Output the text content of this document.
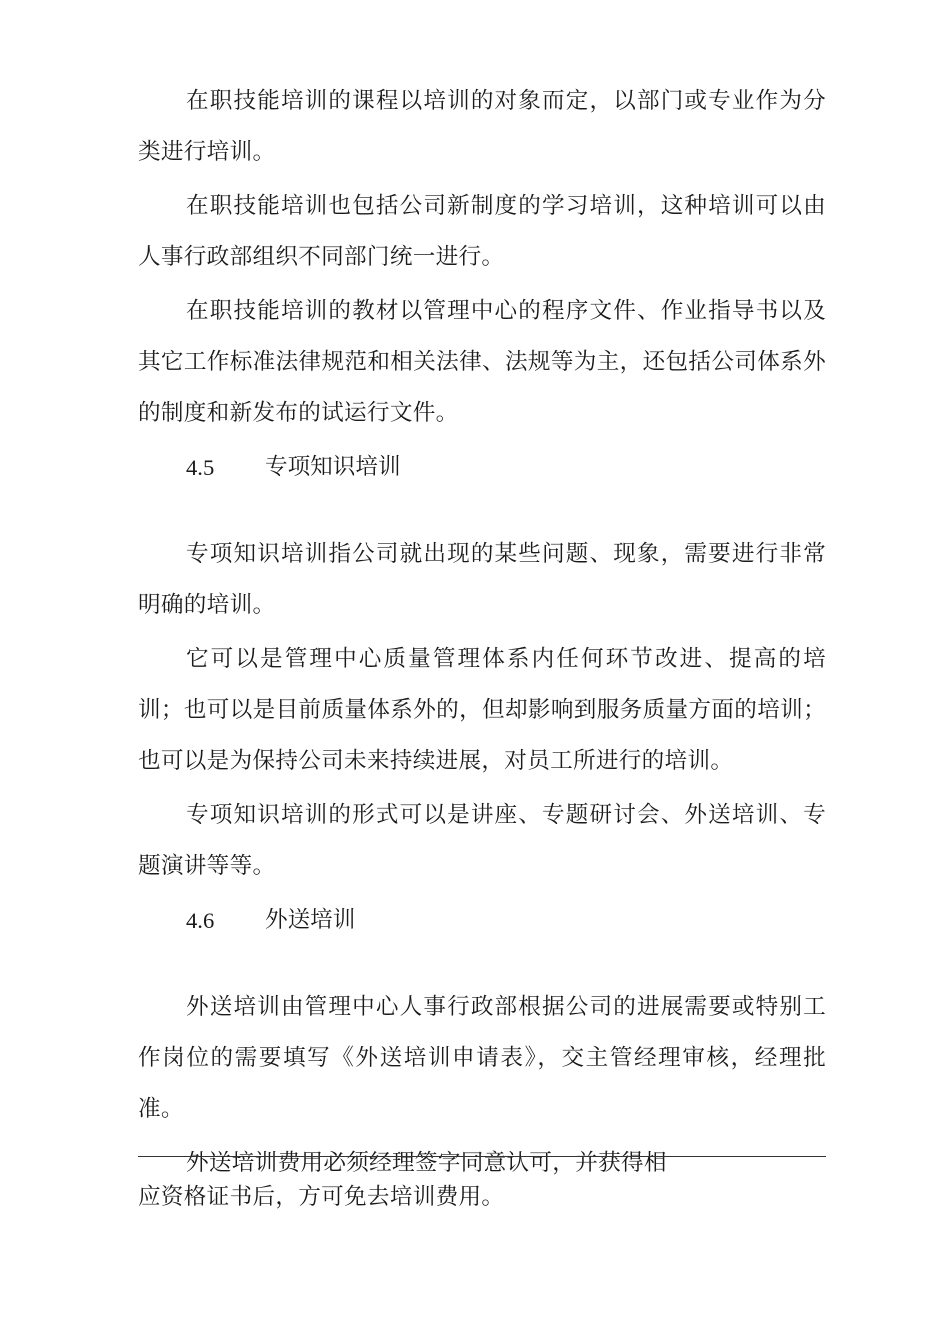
在职技能培训的课程以培训的对象而定，以部门或专业作为分类进行培训。

在职技能培训也包括公司新制度的学习培训，这种培训可以由人事行政部组织不同部门统一进行。

在职技能培训的教材以管理中心的程序文件、作业指导书以及其它工作标准法律规范和相关法律、法规等为主，还包括公司体系外的制度和新发布的试运行文件。

4.5	专项知识培训

专项知识培训指公司就出现的某些问题、现象，需要进行非常明确的培训。

它可以是管理中心质量管理体系内任何环节改进、提高的培训；也可以是目前质量体系外的，但却影响到服务质量方面的培训；也可以是为保持公司未来持续进展，对员工所进行的培训。

专项知识培训的形式可以是讲座、专题研讨会、外送培训、专题演讲等等。

4.6	外送培训

外送培训由管理中心人事行政部根据公司的进展需要或特别工作岗位的需要填写《外送培训申请表》，交主管经理审核，经理批准。

外送培训费用必须经理签字同意认可，并获得相

应资格证书后，方可免去培训费用。
